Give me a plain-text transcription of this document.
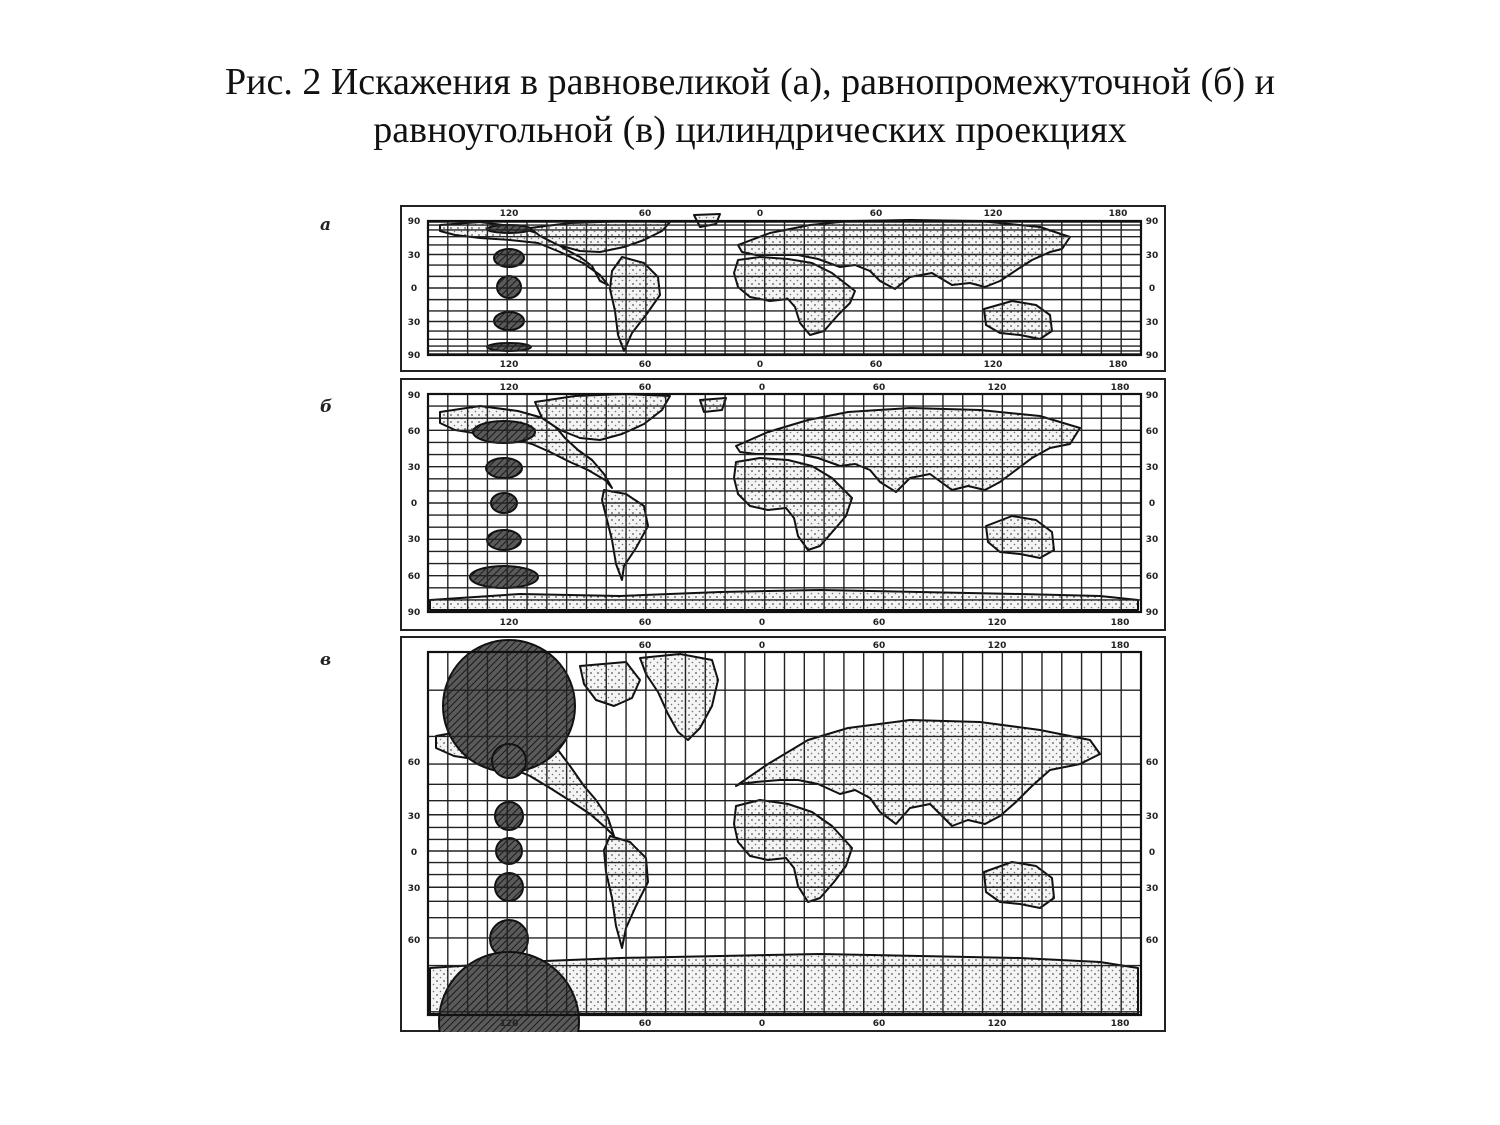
Рис. 2 Искажения в равновеликой (а), равнопромежуточной (б) и
равноугольной (в) цилиндрических проекциях
а
б
в
120	60	0	60	120	180
120	60	0	60	120	180
90
30
0
30
90
90
30
0
30
90
120	60	0	60	120	180
120	60	0	60	120	180
90
60
30
0
30
60
90
90
60
30
0
30
60
90
60	0	60	120	180
120	60	0	60	120	180
60
30
0
30
60
60
30
0
30
60
